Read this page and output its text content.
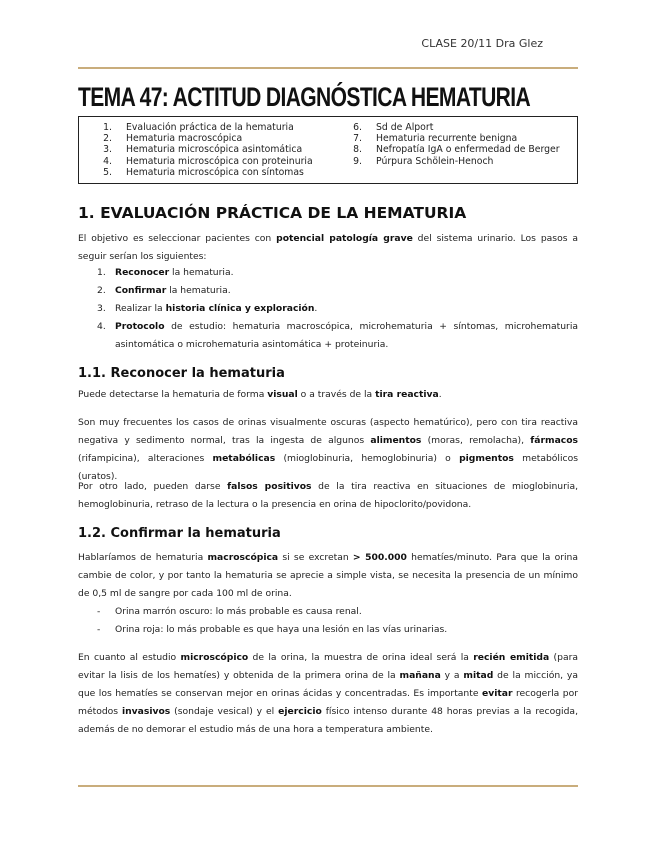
CLASE 20/11 Dra Glez
TEMA 47: ACTITUD DIAGNÓSTICA HEMATURIA
1. Evaluación práctica de la hematuria
2. Hematuria macroscópica
3. Hematuria microscópica asintomática
4. Hematuria microscópica con proteinuria
5. Hematuria microscópica con síntomas
6. Sd de Alport
7. Hematuria recurrente benigna
8. Nefropatía IgA o enfermedad de Berger
9. Púrpura Schölein-Henoch
1. EVALUACIÓN PRÁCTICA DE LA HEMATURIA
El objetivo es seleccionar pacientes con potencial patología grave del sistema urinario. Los pasos a seguir serían los siguientes:
1. Reconocer la hematuria.
2. Confirmar la hematuria.
3. Realizar la historia clínica y exploración.
4. Protocolo de estudio: hematuria macroscópica, microhematuria + síntomas, microhematuria asintomática o microhematuria asintomática + proteinuria.
1.1. Reconocer la hematuria
Puede detectarse la hematuria de forma visual o a través de la tira reactiva.
Son muy frecuentes los casos de orinas visualmente oscuras (aspecto hematúrico), pero con tira reactiva negativa y sedimento normal, tras la ingesta de algunos alimentos (moras, remolacha), fármacos (rifampicina), alteraciones metabólicas (mioglobinuria, hemoglobinuria) o pigmentos metabólicos (uratos).
Por otro lado, pueden darse falsos positivos de la tira reactiva en situaciones de mioglobinuria, hemoglobinuria, retraso de la lectura o la presencia en orina de hipoclorito/povidona.
1.2. Confirmar la hematuria
Hablaríamos de hematuria macroscópica si se excretan > 500.000 hematíes/minuto. Para que la orina cambie de color, y por tanto la hematuria se aprecie a simple vista, se necesita la presencia de un mínimo de 0,5 ml de sangre por cada 100 ml de orina.
- Orina marrón oscuro: lo más probable es causa renal.
- Orina roja: lo más probable es que haya una lesión en las vías urinarias.
En cuanto al estudio microscópico de la orina, la muestra de orina ideal será la recién emitida (para evitar la lisis de los hematíes) y obtenida de la primera orina de la mañana y a mitad de la micción, ya que los hematíes se conservan mejor en orinas ácidas y concentradas. Es importante evitar recogerla por métodos invasivos (sondaje vesical) y el ejercicio físico intenso durante 48 horas previas a la recogida, además de no demorar el estudio más de una hora a temperatura ambiente.
